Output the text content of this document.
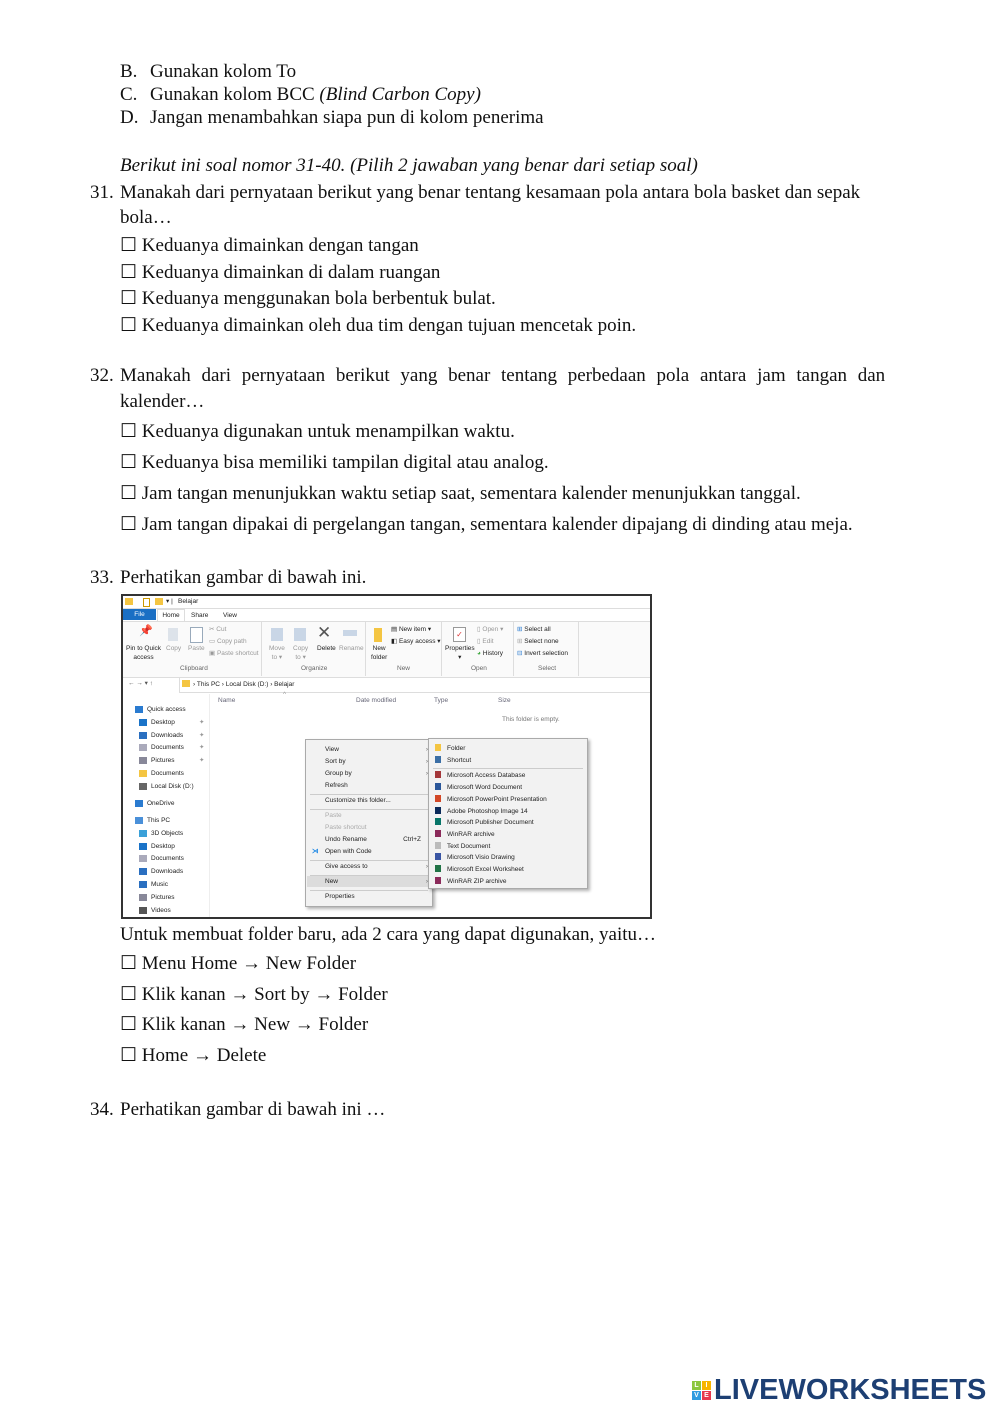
B. Gunakan kolom To
C. Gunakan kolom BCC (Blind Carbon Copy)
D. Jangan menambahkan siapa pun di kolom penerima
Berikut ini soal nomor 31-40. (Pilih 2 jawaban yang benar dari setiap soal)
31. Manakah dari pernyataan berikut yang benar tentang kesamaan pola antara bola basket dan sepak
bola…
☐ Keduanya dimainkan dengan tangan
☐ Keduanya dimainkan di dalam ruangan
☐ Keduanya menggunakan bola berbentuk bulat.
☐ Keduanya dimainkan oleh dua tim dengan tujuan mencetak poin.
32. Manakah dari pernyataan berikut yang benar tentang perbedaan pola antara jam tangan dan
kalender…
☐ Keduanya digunakan untuk menampilkan waktu.
☐ Keduanya bisa memiliki tampilan digital atau analog.
☐ Jam tangan menunjukkan waktu setiap saat, sementara kalender menunjukkan tanggal.
☐ Jam tangan dipakai di pergelangan tangan, sementara kalender dipajang di dinding atau meja.
33. Perhatikan gambar di bawah ini.
▾ | Belajar
File	Home	Share View
📌
Pin to Quick
access
Copy Paste
✂ Cut
▭ Copy path
▣ Paste shortcut
Move
to ▾
Copy
to ▾
✕
Delete Rename New
folder
▤ New item ▾
◧ Easy access ▾
✓
Properties
▾
▯ Open ▾
▯ Edit
◕ History
⊞ Select all
⊞ Select none
⊟ Invert selection
Clipboard	Organize	New	Open	Select
← → ▾ ↑	› This PC › Local Disk (D:) › Belajar
Name
^
Date modified	Type	Size
This folder is empty.
View	›
Sort by	›
Group by	›
Refresh
Customize this folder...
Paste
Paste shortcut
Undo Rename	Ctrl+Z
Open with Code
⋊
Give access to	›
New	›
Properties
Folder
Shortcut
Microsoft Access Database
Microsoft Word Document
Microsoft PowerPoint Presentation
Adobe Photoshop Image 14
Microsoft Publisher Document
WinRAR archive
Text Document
Microsoft Visio Drawing
Microsoft Excel Worksheet
WinRAR ZIP archive
Quick access
Desktop	✦
Downloads ✦
Documents ✦
Pictures	✦
Documents
Local Disk (D:)
OneDrive
This PC
3D Objects
Desktop
Documents
Downloads
Music
Pictures
Videos
Untuk membuat folder baru, ada 2 cara yang dapat digunakan, yaitu…
☐ Menu Home → New Folder
☐ Klik kanan → Sort by → Folder
☐ Klik kanan → New → Folder
☐ Home → Delete
34. Perhatikan gambar di bawah ini …
L I
V E LIVEWORKSHEETS
